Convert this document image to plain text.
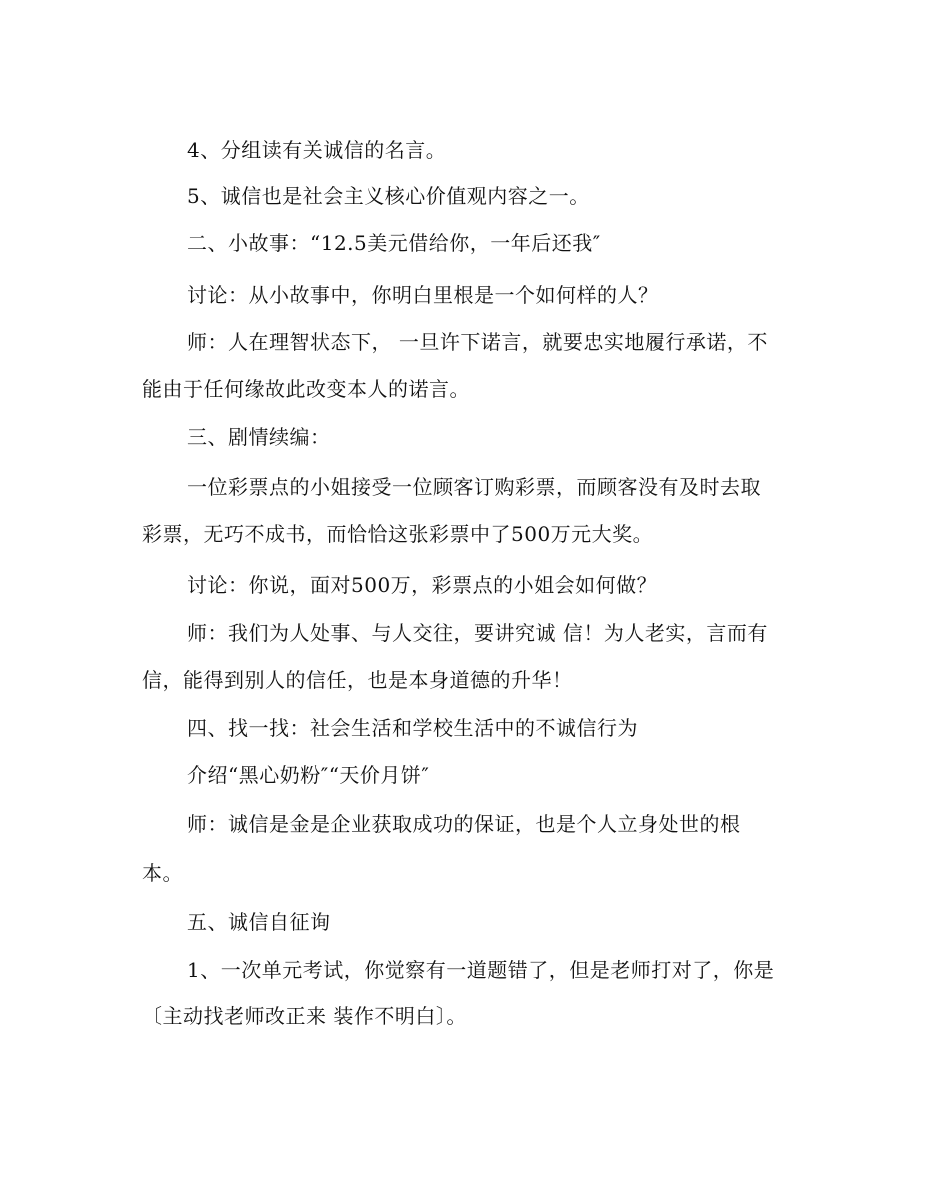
4、分组读有关诚信的名言。
5、诚信也是社会主义核心价值观内容之一。
二、小故事：“12.5美元借给你，一年后还我″
讨论：从小故事中，你明白里根是一个如何样的人？
师：人在理智状态下， 一旦许下诺言，就要忠实地履行承诺，不
能由于任何缘故此改变本人的诺言。
三、剧情续编：
一位彩票点的小姐接受一位顾客订购彩票，而顾客没有及时去取
彩票，无巧不成书，而恰恰这张彩票中了500万元大奖。
讨论：你说，面对500万，彩票点的小姐会如何做？
师：我们为人处事、与人交往，要讲究诚 信！为人老实，言而有
信，能得到别人的信任，也是本身道德的升华！
四、找一找：社会生活和学校生活中的不诚信行为
介绍“黑心奶粉″“天价月饼″
师：诚信是金是企业获取成功的保证，也是个人立身处世的根
本。
五、诚信自征询
1、一次单元考试，你觉察有一道题错了，但是老师打对了，你是
〔主动找老师改正来 装作不明白〕。
